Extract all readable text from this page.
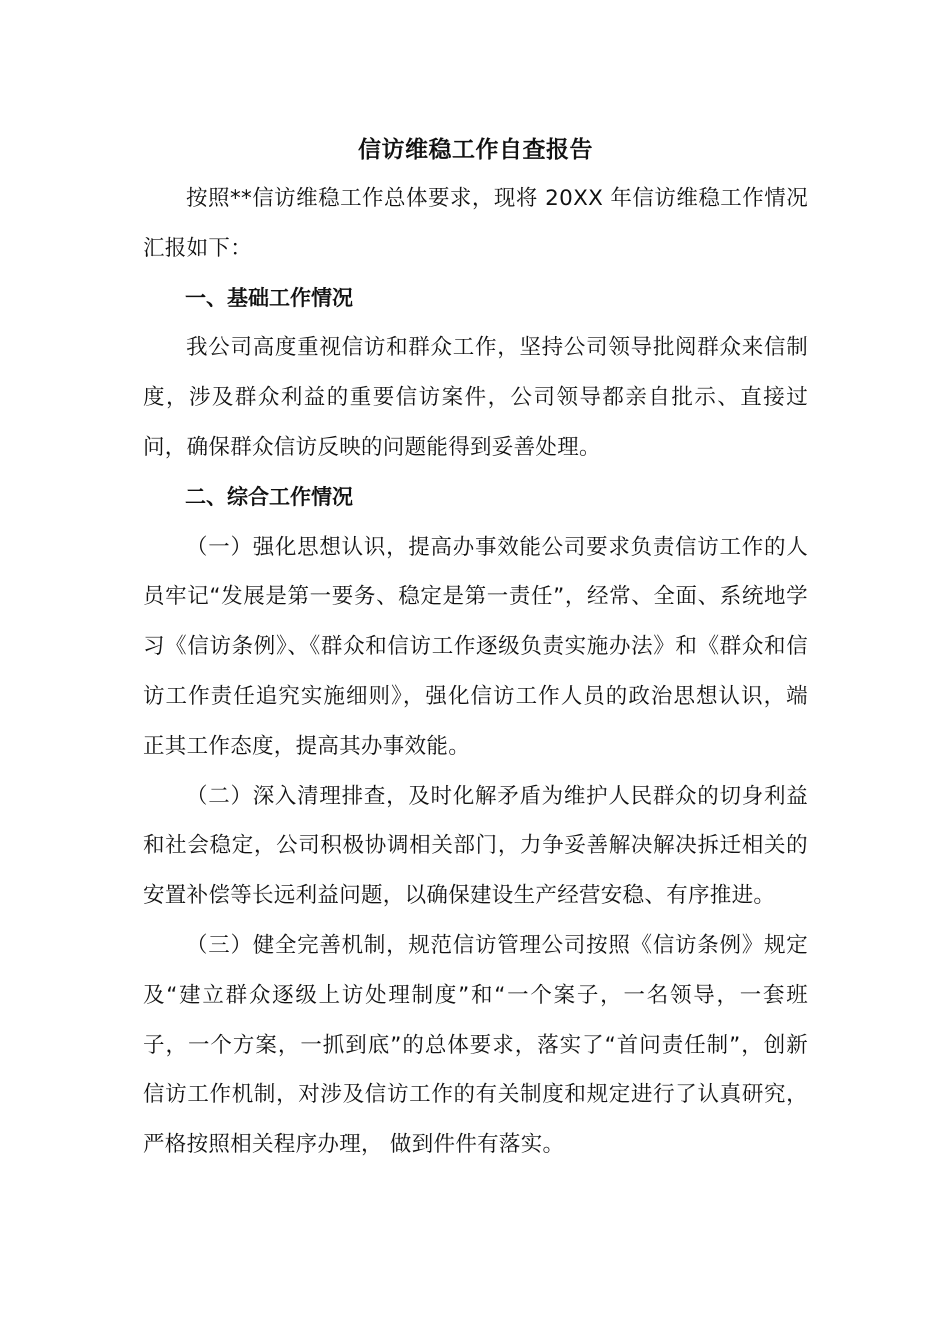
信访维稳工作自查报告

按照**信访维稳工作总体要求，现将 20XX 年信访维稳工作情况汇报如下：

一、基础工作情况

我公司高度重视信访和群众工作，坚持公司领导批阅群众来信制度，涉及群众利益的重要信访案件，公司领导都亲自批示、直接过问，确保群众信访反映的问题能得到妥善处理。

二、综合工作情况

（一）强化思想认识，提高办事效能公司要求负责信访工作的人员牢记“发展是第一要务、稳定是第一责任”，经常、全面、系统地学习《信访条例》、《群众和信访工作逐级负责实施办法》和《群众和信访工作责任追究实施细则》，强化信访工作人员的政治思想认识，端正其工作态度，提高其办事效能。

（二）深入清理排查，及时化解矛盾为维护人民群众的切身利益和社会稳定，公司积极协调相关部门，力争妥善解决解决拆迁相关的安置补偿等长远利益问题，以确保建设生产经营安稳、有序推进。

（三）健全完善机制，规范信访管理公司按照《信访条例》规定及“建立群众逐级上访处理制度”和“一个案子，一名领导，一套班子，一个方案，一抓到底”的总体要求，落实了“首问责任制”，创新信访工作机制，对涉及信访工作的有关制度和规定进行了认真研究，严格按照相关程序办理， 做到件件有落实。
